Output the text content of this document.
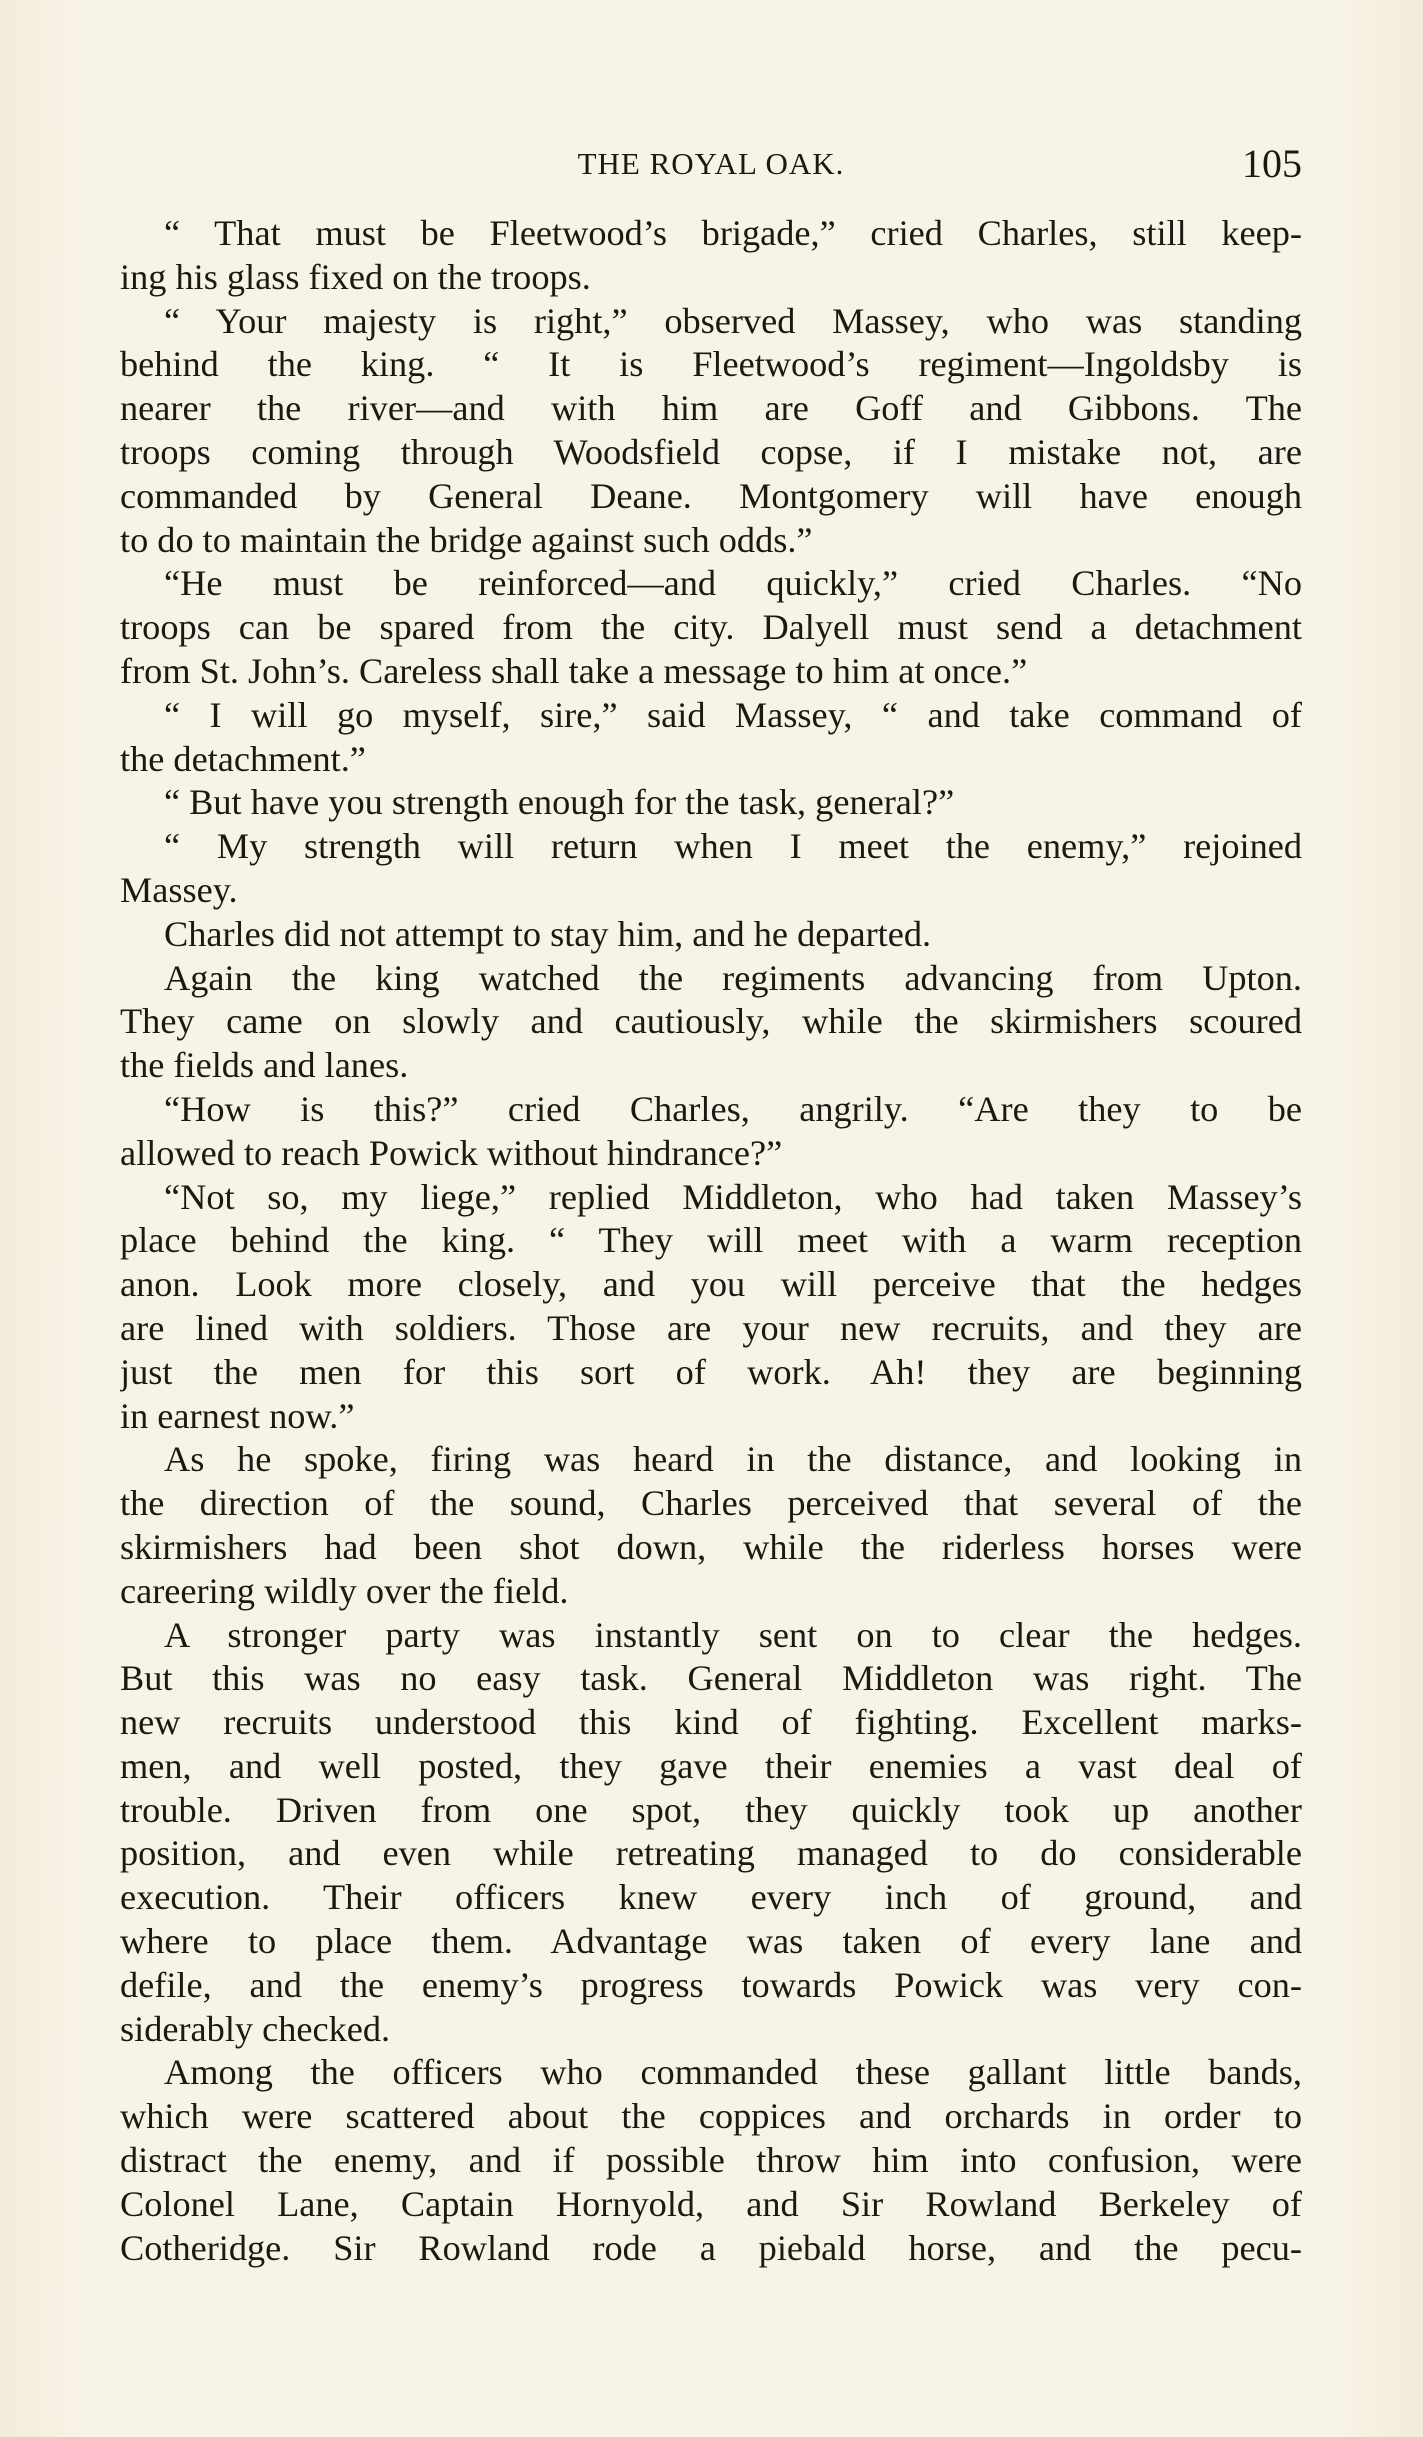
THE ROYAL OAK.	105
“ That must be Fleetwood’s brigade,” cried Charles, still keep-
ing his glass fixed on the troops.
“ Your majesty is right,” observed Massey, who was standing
behind the king. “ It is Fleetwood’s regiment—Ingoldsby is
nearer the river—and with him are Goff and Gibbons. The
troops coming through Woodsfield copse, if I mistake not, are
commanded by General Deane. Montgomery will have enough
to do to maintain the bridge against such odds.”
“He must be reinforced—and quickly,” cried Charles. “No
troops can be spared from the city. Dalyell must send a detachment
from St. John’s. Careless shall take a message to him at once.”
“ I will go myself, sire,” said Massey, “ and take command of
the detachment.”
“ But have you strength enough for the task, general?”
“ My strength will return when I meet the enemy,” rejoined
Massey.
Charles did not attempt to stay him, and he departed.
Again the king watched the regiments advancing from Upton.
They came on slowly and cautiously, while the skirmishers scoured
the fields and lanes.
“How is this?” cried Charles, angrily. “Are they to be
allowed to reach Powick without hindrance?”
“Not so, my liege,” replied Middleton, who had taken Massey’s
place behind the king. “ They will meet with a warm reception
anon. Look more closely, and you will perceive that the hedges
are lined with soldiers. Those are your new recruits, and they are
just the men for this sort of work. Ah! they are beginning
in earnest now.”
As he spoke, firing was heard in the distance, and looking in
the direction of the sound, Charles perceived that several of the
skirmishers had been shot down, while the riderless horses were
careering wildly over the field.
A stronger party was instantly sent on to clear the hedges.
But this was no easy task. General Middleton was right. The
new recruits understood this kind of fighting. Excellent marks-
men, and well posted, they gave their enemies a vast deal of
trouble. Driven from one spot, they quickly took up another
position, and even while retreating managed to do considerable
execution. Their officers knew every inch of ground, and
where to place them. Advantage was taken of every lane and
defile, and the enemy’s progress towards Powick was very con-
siderably checked.
Among the officers who commanded these gallant little bands,
which were scattered about the coppices and orchards in order to
distract the enemy, and if possible throw him into confusion, were
Colonel Lane, Captain Hornyold, and Sir Rowland Berkeley of
Cotheridge. Sir Rowland rode a piebald horse, and the pecu-
